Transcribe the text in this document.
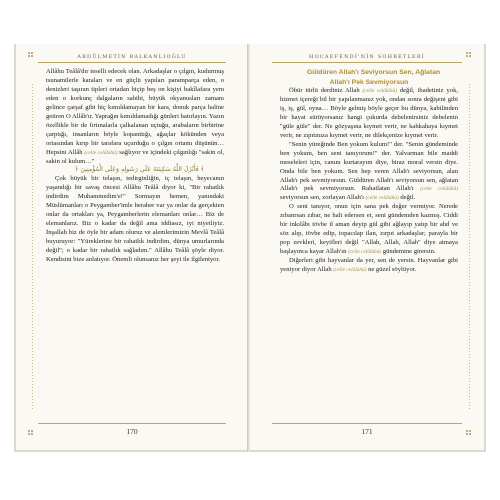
ABDÜLMETİN BALKANLIOĞLU

Allâhu Teâlâ'dır teselli edecek olan. Arkadaşlar o çılgın, kudurmuş tsunamilerle karaları ve en güçlü yapıları paramparça eden, o denizleri taşıran tipleri ortadan biçip beş on kişiyi bakîlafara yem eden o korkunç dalgaların sahibi, büyük okyanusları zamanı gelince çarşaf gibi hiç kımıldamayan bir kara, donuk parça haline getiren O Allâh'ır. Yaprağın kımıldamadığı günleri hatırlayın. Yazın özellikle bir de fırtınalarla çalkalanan uçtuğu, arabaların birbirine çarptığı, insanların böyle kopanttığı, ağaçlar kökünden veya ortasından kırıp bir tarafara uçurduğu o çılgın ortamı düşünün… Hepsini Allâh (celle celâlühû) sağlıyor ve içindeki çılgınlığı "sakin ol, sakin ol kulum…"

﴿ فَأَنْزَلَ اللَّهُ سَكِينَتَهُ عَلَى رَسُولِهِ وَعَلَى الْمُؤْمِنِينَ ﴾

Çok büyük bir telaşın, tedirginliğin, iç telaşın, heyecanın yaşandığı bir savaş öncesi Allâhu Teâlâ diyor ki, "Bir rahatlık indirdim Muhammedim'e!" Sormayın hemen, yanındaki Müslümanları o Peygamber'imle beraber var ya onlar da gerçekten onlar da ortakları ya, Peygamberlerin elemanları onlar… Biz de elemanlarız. Biz o kadar da değil ama iddiasız, iyi niyetliyiz. İnşallah biz de öyle bir adam oluruz ve alemlerimizin Mevlâ Teâlâ buyuruyor: "Yüreklerine bir rahatlık indirdim, dünya umurlarında değil"; o kadar bir rahatlık sağladım." Allâhu Teâlâ şöyle diyor. Kendisini bize anlatıyor. Önemli olunsanız her şeyi ile ilgileniyor.

170
HOCAEFENDİ'NİN SOHBETLERİ

Güldüren Allah'ı Seviyorsun Sen, Ağlatan
Allah'ı Pek Sevmiyorsun

Öbür türlü derdiniz Allah (celle celâlühû) değil, ibadetiniz yok, hizmet içereği bil bir yapılanmanız yok, ondan sonra değişeni gibi iş, iş, gül, oyna… Böyle gelmiş böyle geçer bu dünya, kabilinden bir hayat sürüyorsanız hangi çukurda debelenirsiniz debelenin "güle güle" der. Ne gözyaşına kıymet verir, ne kahkahaya kıymet verir, ne zıpıtınıza kıymet verir, ne dilekçenize kıymet verir.

"Senin yüreğinde Ben yokum kulum!" der. "Senin gündeminde ben yokum, ben seni tanıyorum!" der. Yalvarman bile maddi meseleleri için, canını kurtarayım diye, biraz moral versin diye. Onda bile ben yokum. Sen hep veren Allah'ı seviyorsun, alan Allah'ı pek sevmiyorsun. Güldüren Allah'ı seviyorsun sen, ağlatan Allah'ı pek sevmiyorsun. Rahatlatan Allah'ı (celle celâlühû) seviyorsun sen, zorlayan Allah'ı (celle celâlühû) değil.

O seni tanıyor, onun için sana pek değer vermiyor. Nerede zıbanrsan zıbar, ne halt edersen et, seni gündemden kazmış. Ciddi bir inkılâbı tövbe il aman deyip gül gibi ağlayıp yatıp bir ahd ve söz alıp, tövbe edip, topacılap ilan, zırpıt arkadaşlar; parayla bir pop zevkleri, keyifleri değil "Allah, Allah, Allah" diye atmaya başlayınca kayar Allah'ın (celle celâlühû) gündemine girersin.

Diğerleri gibi hayvanlar da yer, sen de yersin. Hayvanlar gibi yeniyor diyor Allah (celle celâlühû) ne güzel söylüyor.

171
